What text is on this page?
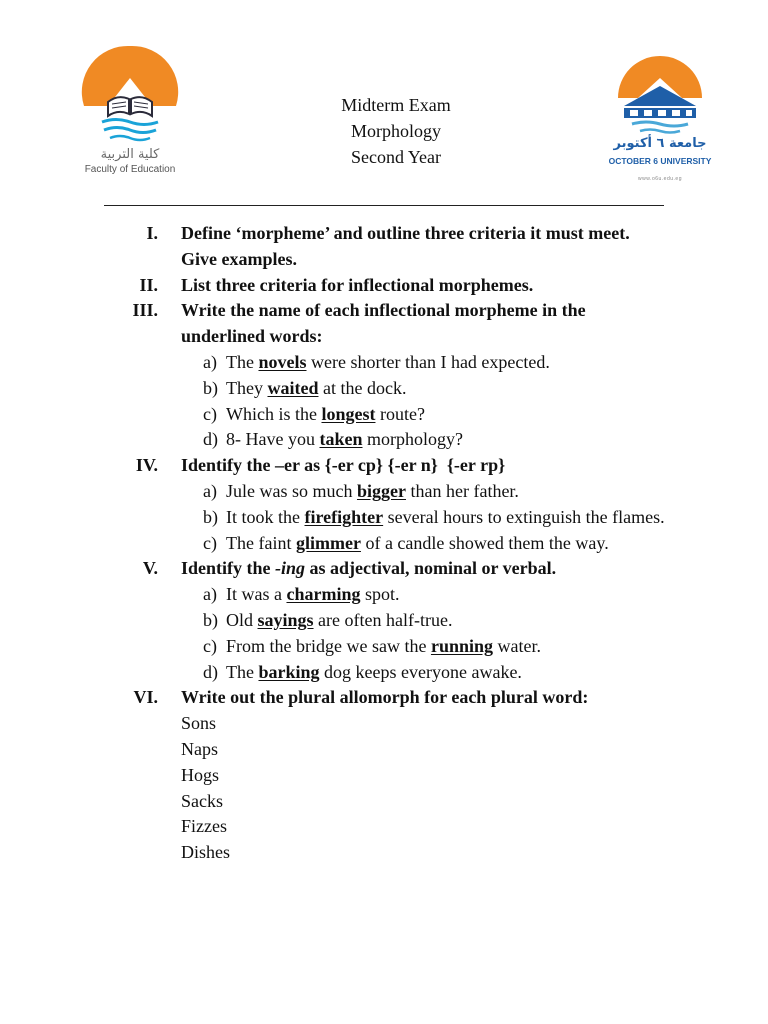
كلية التربية
Faculty of Education
Midterm Exam
Morphology
Second Year
جامعة ٦ أكتوبر
OCTOBER 6 UNIVERSITY
www.o6u.edu.eg
I. Define ‘morpheme’ and outline three criteria it must meet.
Give examples.
II. List three criteria for inflectional morphemes.
III. Write the name of each inflectional morpheme in the
underlined words:
a) The novels were shorter than I had expected.
b) They waited at the dock.
c) Which is the longest route?
d) 8- Have you taken morphology?
IV. Identify the –er as {-er cp} {-er n}  {-er rp}
a) Jule was so much bigger than her father.
b) It took the firefighter several hours to extinguish the flames.
c) The faint glimmer of a candle showed them the way.
V. Identify the -ing as adjectival, nominal or verbal.
a) It was a charming spot.
b) Old sayings are often half-true.
c) From the bridge we saw the running water.
d) The barking dog keeps everyone awake.
VI. Write out the plural allomorph for each plural word:
Sons
Naps
Hogs
Sacks
Fizzes
Dishes
